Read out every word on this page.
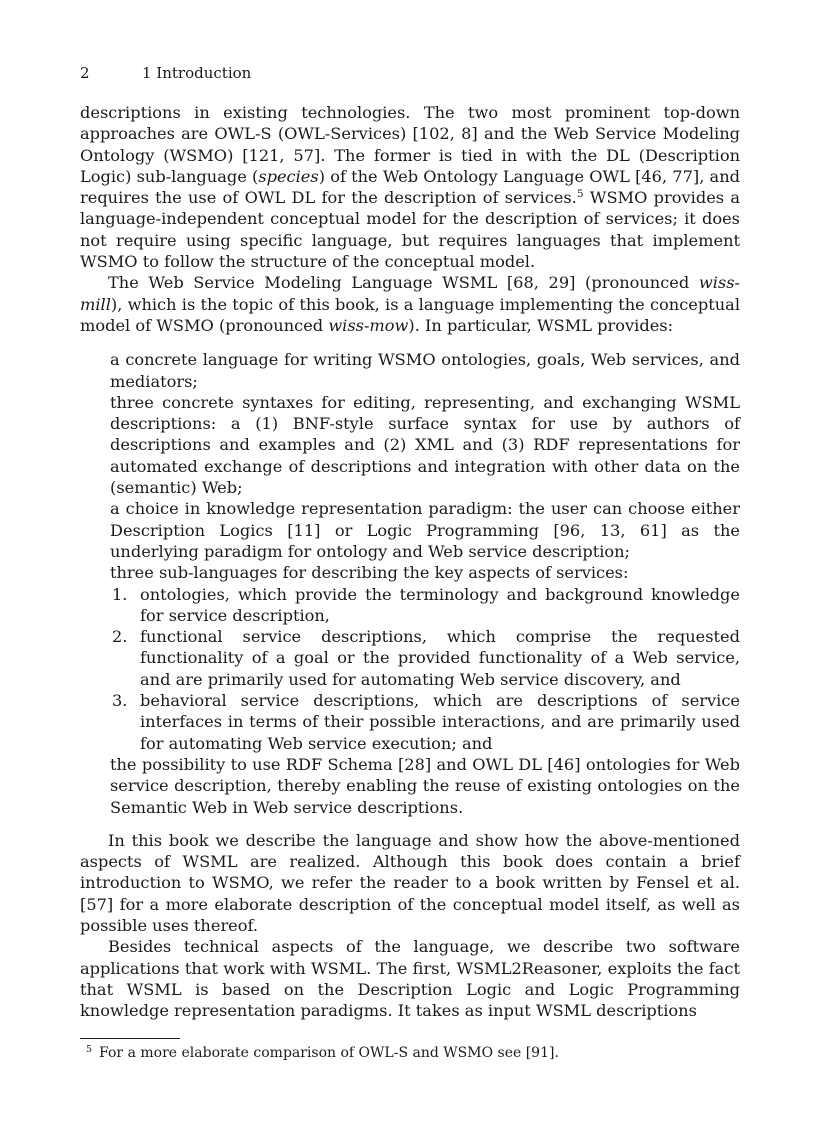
2	1 Introduction

descriptions in existing technologies. The two most prominent top-down approaches are OWL-S (OWL-Services) [102, 8] and the Web Service Modeling Ontology (WSMO) [121, 57]. The former is tied in with the DL (Description Logic) sub-language (species) of the Web Ontology Language OWL [46, 77], and requires the use of OWL DL for the description of services.$^5$ WSMO provides a language-independent conceptual model for the description of services; it does not require using specific language, but requires languages that implement WSMO to follow the structure of the conceptual model.

The Web Service Modeling Language WSML [68, 29] (pronounced wiss-mill), which is the topic of this book, is a language implementing the conceptual model of WSMO (pronounced wiss-mow). In particular, WSML provides:

a concrete language for writing WSMO ontologies, goals, Web services, and mediators;
three concrete syntaxes for editing, representing, and exchanging WSML descriptions: a (1) BNF-style surface syntax for use by authors of descriptions and examples and (2) XML and (3) RDF representations for automated exchange of descriptions and integration with other data on the (semantic) Web;
a choice in knowledge representation paradigm: the user can choose either Description Logics [11] or Logic Programming [96, 13, 61] as the underlying paradigm for ontology and Web service description;
three sub-languages for describing the key aspects of services:
1. ontologies, which provide the terminology and background knowledge for service description,
2. functional service descriptions, which comprise the requested functionality of a goal or the provided functionality of a Web service, and are primarily used for automating Web service discovery, and
3. behavioral service descriptions, which are descriptions of service interfaces in terms of their possible interactions, and are primarily used for automating Web service execution; and
the possibility to use RDF Schema [28] and OWL DL [46] ontologies for Web service description, thereby enabling the reuse of existing ontologies on the Semantic Web in Web service descriptions.

In this book we describe the language and show how the above-mentioned aspects of WSML are realized. Although this book does contain a brief introduction to WSMO, we refer the reader to a book written by Fensel et al. [57] for a more elaborate description of the conceptual model itself, as well as possible uses thereof.

Besides technical aspects of the language, we describe two software applications that work with WSML. The first, WSML2Reasoner, exploits the fact that WSML is based on the Description Logic and Logic Programming knowledge representation paradigms. It takes as input WSML descriptions

$^5$ For a more elaborate comparison of OWL-S and WSMO see [91].
